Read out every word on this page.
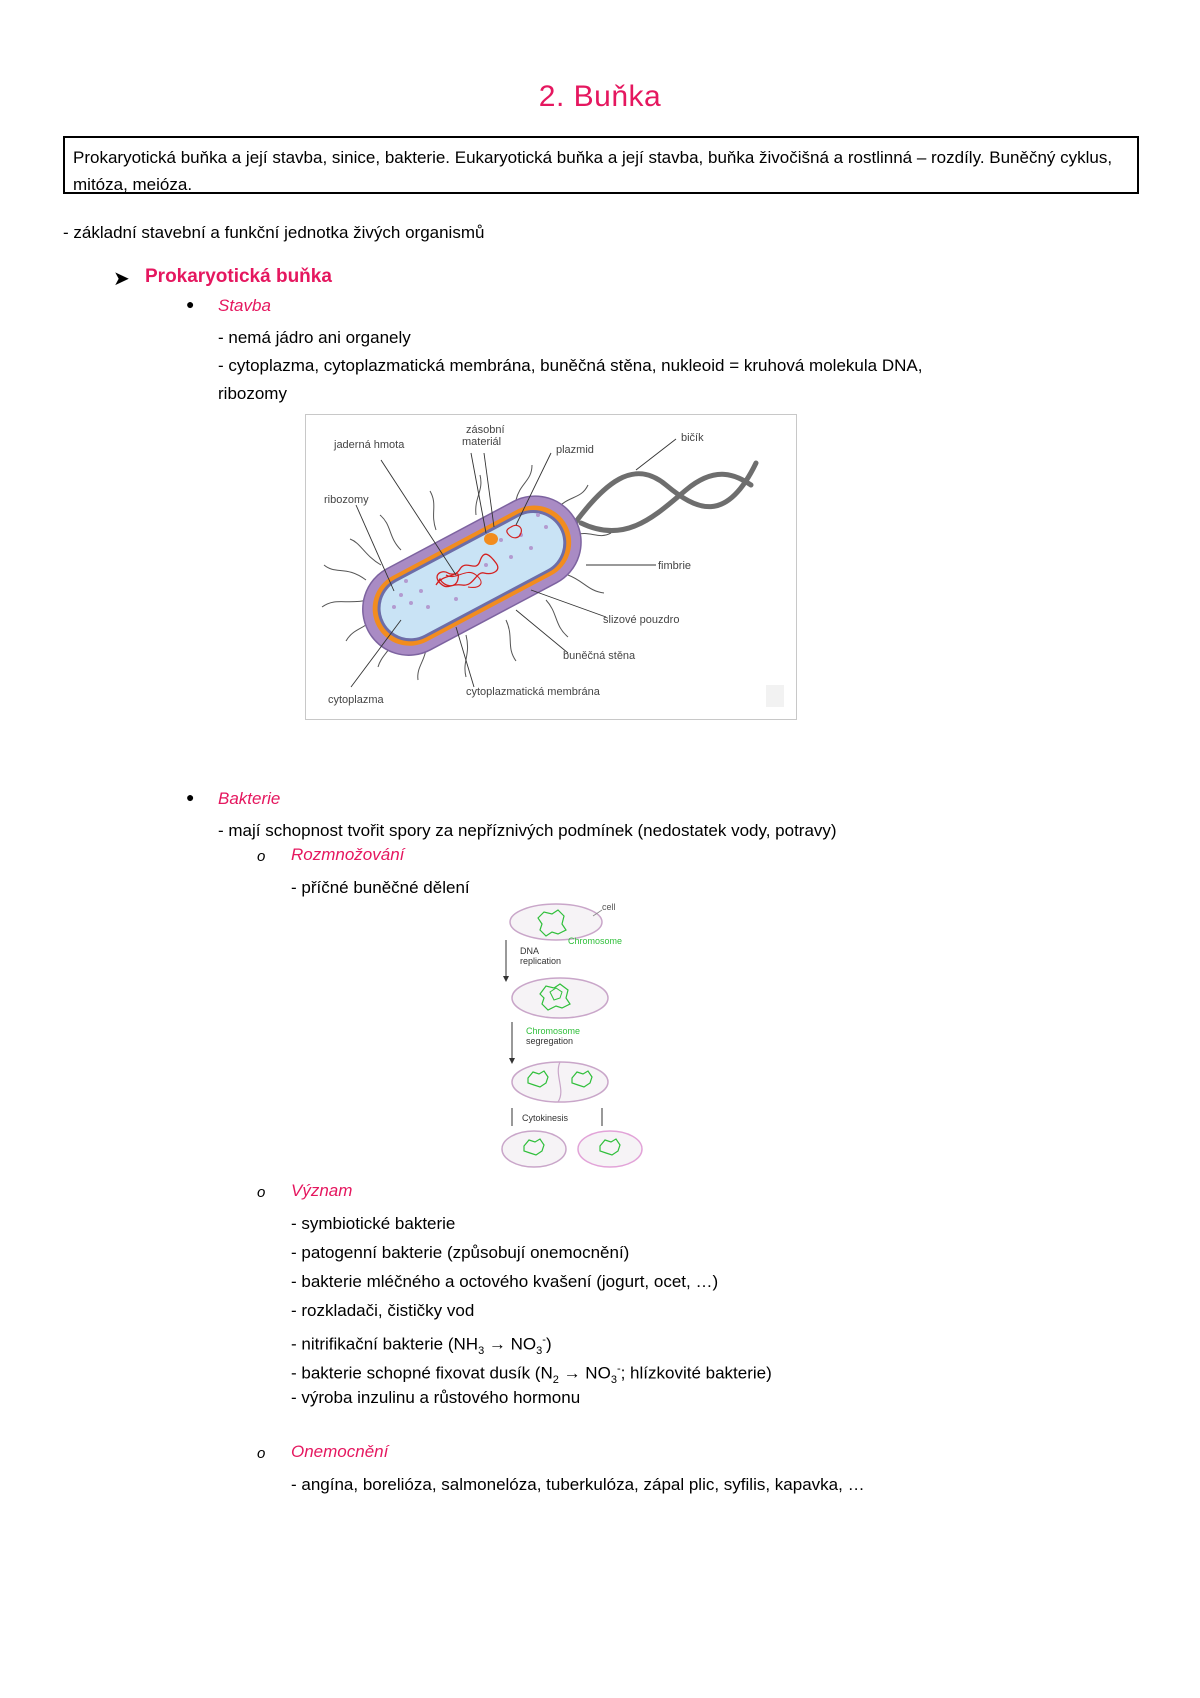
2. Buňka
Prokaryotická buňka a její stavba, sinice, bakterie. Eukaryotická buňka a její stavba, buňka živočišná a rostlinná – rozdíly. Buněčný cyklus, mitóza, meióza.
- základní stavební a funkční jednotka živých organismů
➤ Prokaryotická buňka
● Stavba
- nemá jádro ani organely
- cytoplazma, cytoplazmatická membrána, buněčná stěna, nukleoid = kruhová molekula DNA,
ribozomy
zásobní
materiál	bičík
jaderná hmota	plazmid
ribozomy
fimbrie
slizové pouzdro
buněčná stěna
cytoplazmatická membrána
cytoplazma
● Bakterie
- mají schopnost tvořit spory za nepříznivých podmínek (nedostatek vody, potravy)
o Rozmnožování
- příčné buněčné dělení
cell
Chromosome
DNA
replication
Chromosome
segregation
Cytokinesis
o Význam
- symbiotické bakterie
- patogenní bakterie (způsobují onemocnění)
- bakterie mléčného a octového kvašení (jogurt, ocet, …)
- rozkladači, čističky vod
- nitrifikační bakterie $(NH_3 \to NO_3^-)$
- bakterie schopné fixovat dusík ($N_2 \to NO_3^-$; hlízkovité bakterie)
- výroba inzulinu a růstového hormonu
o Onemocnění
- angína, borelióza, salmonelóza, tuberkulóza, zápal plic, syfilis, kapavka, …
